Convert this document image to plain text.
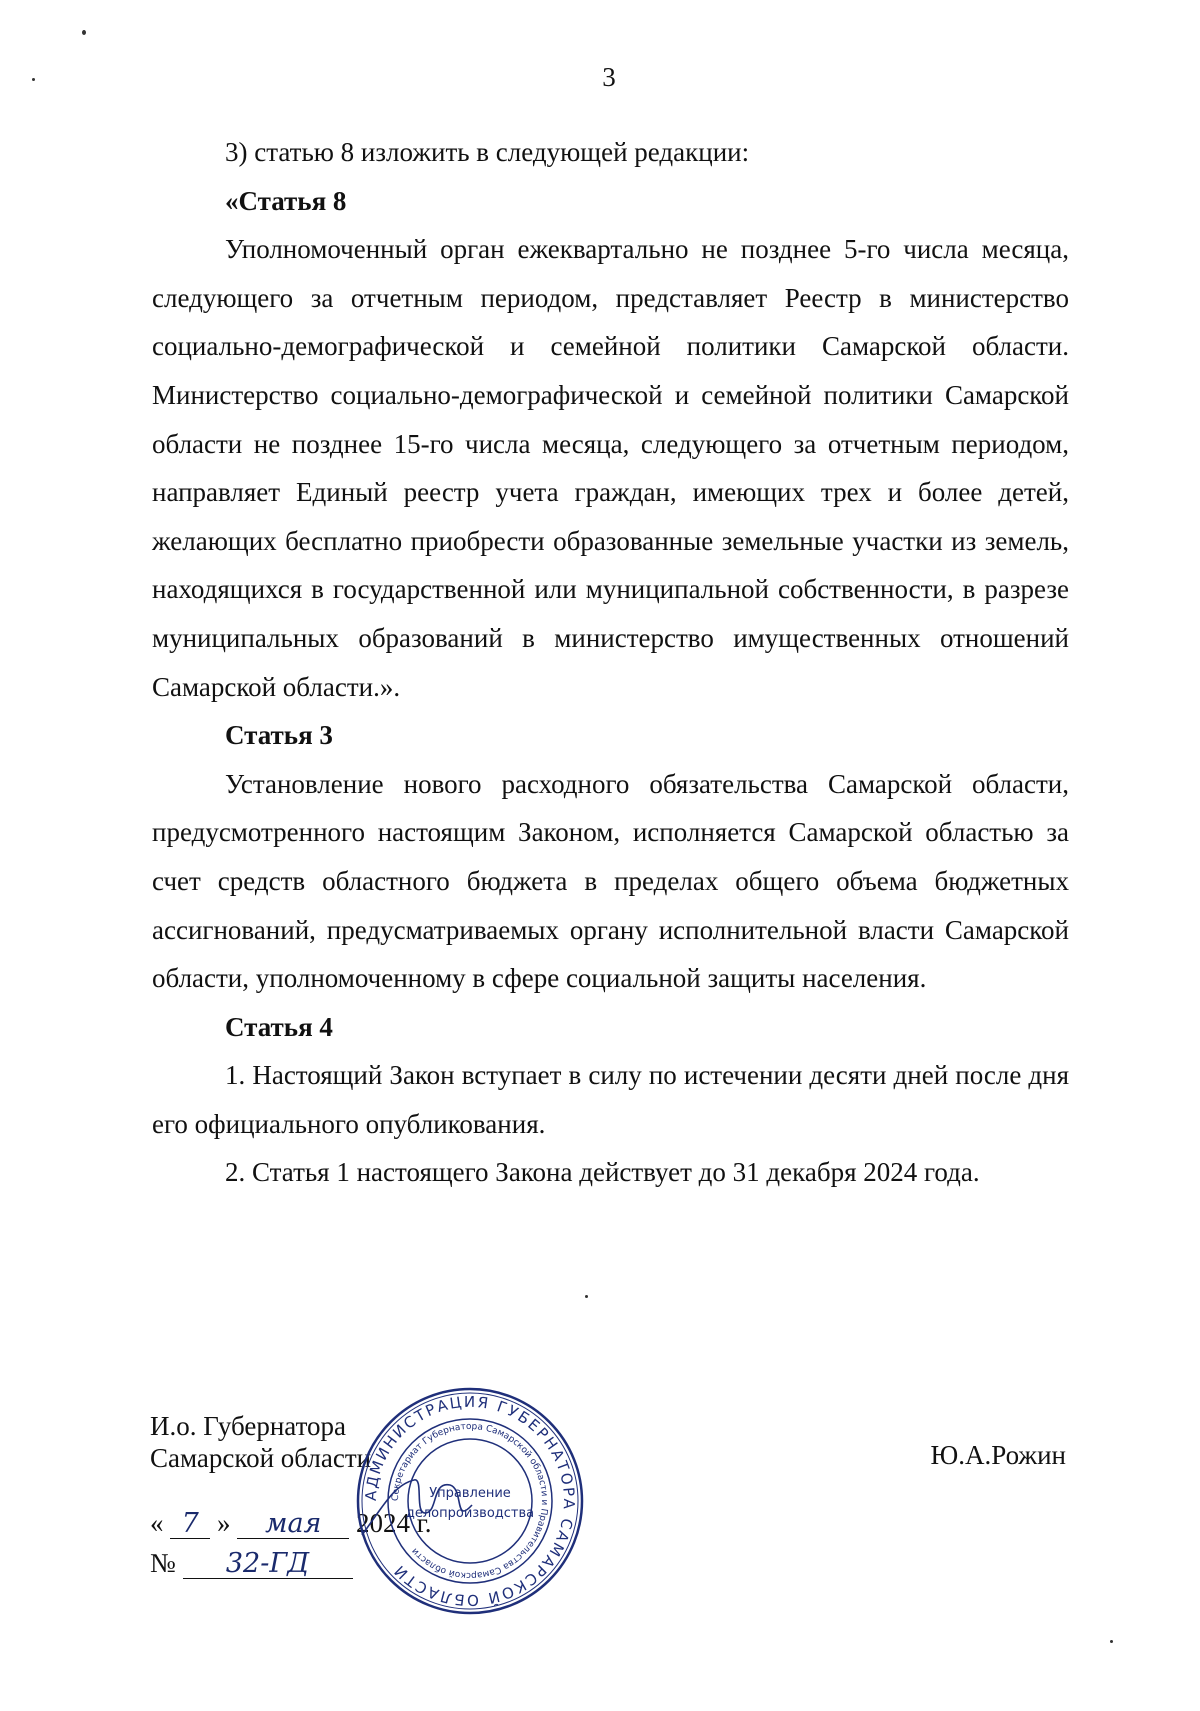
3

3) статью 8 изложить в следующей редакции:

«Статья 8

Уполномоченный орган ежеквартально не позднее 5-го числа месяца, следующего за отчетным периодом, представляет Реестр в министерство социально-демографической и семейной политики Самарской области. Министерство социально-демографической и семейной политики Самарской области не позднее 15-го числа месяца, следующего за отчетным периодом, направляет Единый реестр учета граждан, имеющих трех и более детей, желающих бесплатно приобрести образованные земельные участки из земель, находящихся в государственной или муниципальной собственности, в разрезе муниципальных образований в министерство имущественных отношений Самарской области.».

Статья 3

Установление нового расходного обязательства Самарской области, предусмотренного настоящим Законом, исполняется Самарской областью за счет средств областного бюджета в пределах общего объема бюджетных ассигнований, предусматриваемых органу исполнительной власти Самарской области, уполномоченному в сфере социальной защиты населения.

Статья 4

1. Настоящий Закон вступает в силу по истечении десяти дней после дня его официального опубликования.

2. Статья 1 настоящего Закона действует до 31 декабря 2024 года.

И.о. Губернатора
Самарской области	Ю.А.Рожин
« 7 » мая 2024 г.
№ 32-ГД
АДМИНИСТРАЦИЯ ГУБЕРНАТОРА САМАРСКОЙ ОБЛАСТИ
Секретариат Губернатора Самарской области и Правительства Самарской области
Управление
делопроизводства
